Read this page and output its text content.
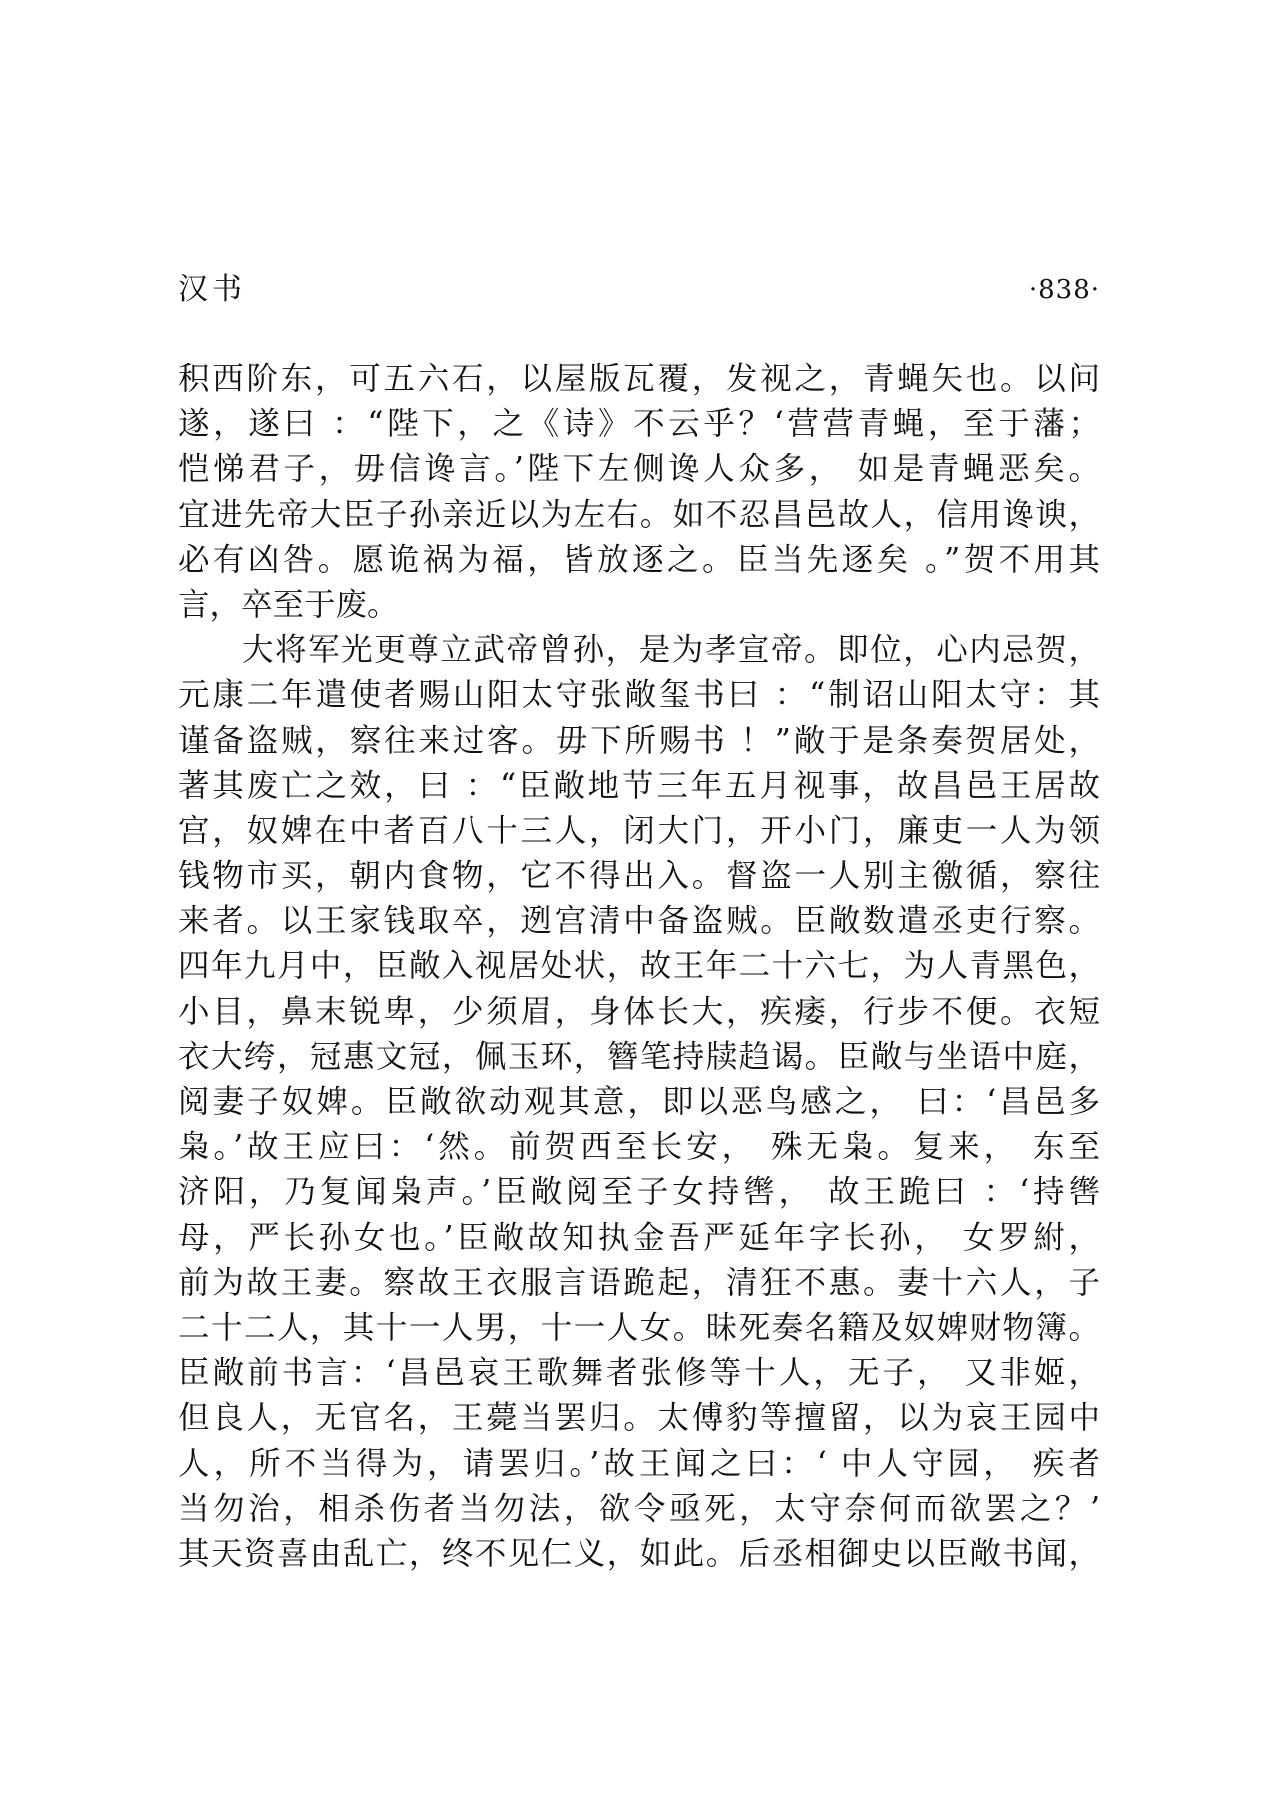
汉书	·838·
积西阶东，可五六石，以屋版瓦覆，发视之，青蝇矢也。以问
遂，遂曰 ：“陛下，之《诗》不云乎？‘营营青蝇，至于藩；
恺悌君子，毋信谗言。’陛下左侧谗人众多， 如是青蝇恶矣。
宜进先帝大臣子孙亲近以为左右。如不忍昌邑故人，信用谗谀，
必有凶咎。愿诡祸为福，皆放逐之。臣当先逐矣 。”贺不用其
言，卒至于废。
大将军光更尊立武帝曾孙，是为孝宣帝。即位，心内忌贺，
元康二年遣使者赐山阳太守张敞玺书曰 ：“制诏山阳太守：其
谨备盗贼，察往来过客。毋下所赐书 ！”敞于是条奏贺居处，
著其废亡之效，曰 ：“臣敞地节三年五月视事，故昌邑王居故
宫，奴婢在中者百八十三人，闭大门，开小门，廉吏一人为领
钱物市买，朝内食物，它不得出入。督盗一人别主徼循，察往
来者。以王家钱取卒，迾宫清中备盗贼。臣敞数遣丞吏行察。
四年九月中，臣敞入视居处状，故王年二十六七，为人青黑色，
小目，鼻末锐卑，少须眉，身体长大，疾痿，行步不便。衣短
衣大绔，冠惠文冠，佩玉环，簪笔持牍趋谒。臣敞与坐语中庭，
阅妻子奴婢。臣敞欲动观其意，即以恶鸟感之， 曰：‘昌邑多
枭。’故王应曰：‘然。前贺西至长安， 殊无枭。复来， 东至
济阳，乃复闻枭声。’臣敞阅至子女持辔， 故王跪曰 ：‘持辔
母，严长孙女也。’臣敞故知执金吾严延年字长孙， 女罗紨，
前为故王妻。察故王衣服言语跪起，清狂不惠。妻十六人，子
二十二人，其十一人男，十一人女。昧死奏名籍及奴婢财物簿。
臣敞前书言：‘昌邑哀王歌舞者张修等十人，无子， 又非姬，
但良人，无官名，王薨当罢归。太傅豹等擅留，以为哀王园中
人，所不当得为，请罢归。’故王闻之曰：‘ 中人守园， 疾者
当勿治，相杀伤者当勿法，欲令亟死，太守奈何而欲罢之？’
其天资喜由乱亡，终不见仁义，如此。后丞相御史以臣敞书闻，
